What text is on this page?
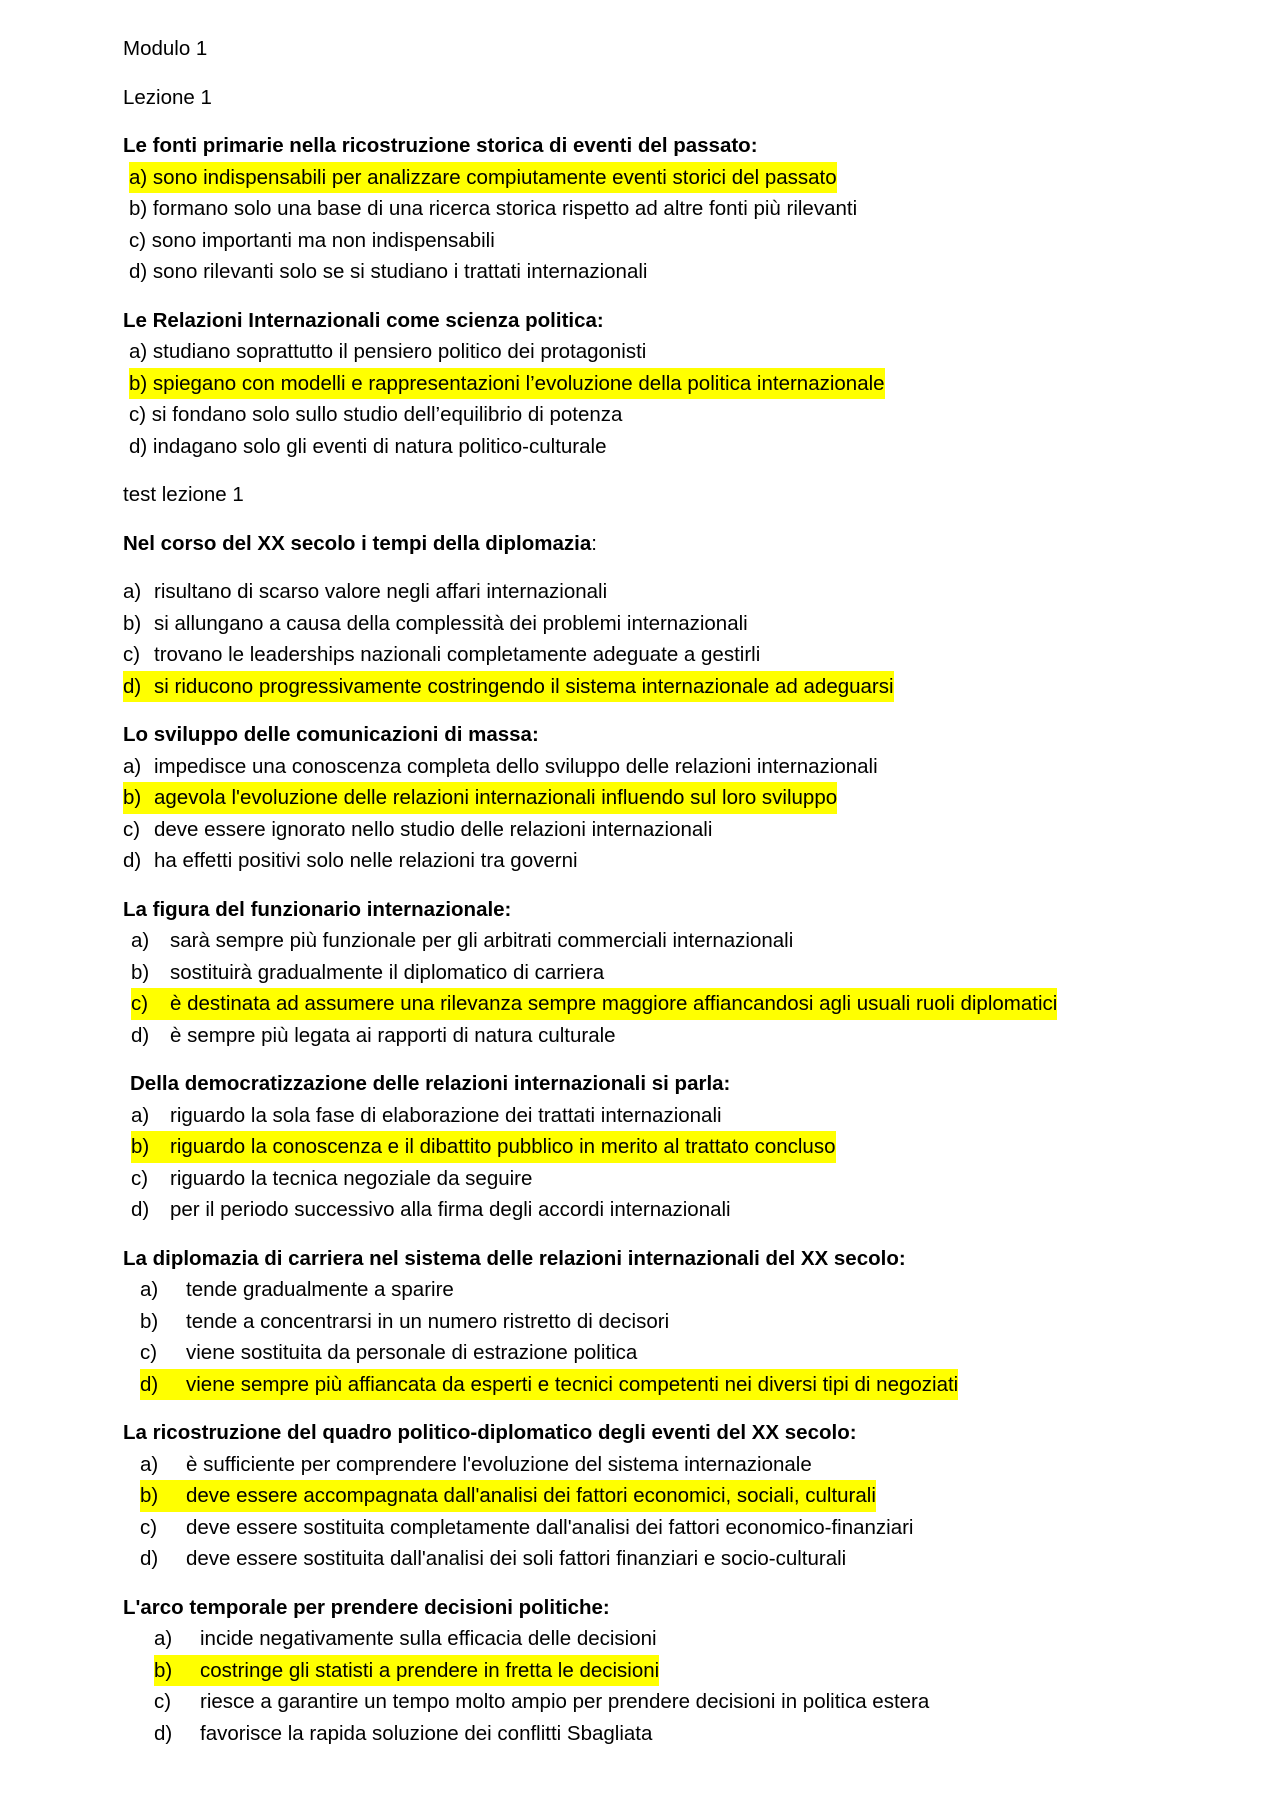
Modulo 1

Lezione 1

Le fonti primarie nella ricostruzione storica di eventi del passato:

a) sono indispensabili per analizzare compiutamente eventi storici del passato
b) formano solo una base di una ricerca storica rispetto ad altre fonti più rilevanti
c) sono importanti ma non indispensabili
d) sono rilevanti solo se si studiano i trattati internazionali

Le Relazioni Internazionali come scienza politica:

a) studiano soprattutto il pensiero politico dei protagonisti
b) spiegano con modelli e rappresentazioni l’evoluzione della politica internazionale
c) si fondano solo sullo studio dell’equilibrio di potenza
d) indagano solo gli eventi di natura politico-culturale

test lezione 1

Nel corso del XX secolo i tempi della diplomazia:

a) risultano di scarso valore negli affari internazionali
b) si allungano a causa della complessità dei problemi internazionali
c) trovano le leaderships nazionali completamente adeguate a gestirli
d) si riducono progressivamente costringendo il sistema internazionale ad adeguarsi

Lo sviluppo delle comunicazioni di massa:

a) impedisce una conoscenza completa dello sviluppo delle relazioni internazionali
b) agevola l'evoluzione delle relazioni internazionali influendo sul loro sviluppo
c) deve essere ignorato nello studio delle relazioni internazionali
d) ha effetti positivi solo nelle relazioni tra governi

La figura del funzionario internazionale:

a) sarà sempre più funzionale per gli arbitrati commerciali internazionali
b) sostituirà gradualmente il diplomatico di carriera
c) è destinata ad assumere una rilevanza sempre maggiore affiancandosi agli usuali ruoli diplomatici
d) è sempre più legata ai rapporti di natura culturale

Della democratizzazione delle relazioni internazionali si parla:

a) riguardo la sola fase di elaborazione dei trattati internazionali
b) riguardo la conoscenza e il dibattito pubblico in merito al trattato concluso
c) riguardo la tecnica negoziale da seguire
d) per il periodo successivo alla firma degli accordi internazionali

La diplomazia di carriera nel sistema delle relazioni internazionali del XX secolo:

a) tende gradualmente a sparire
b) tende a concentrarsi in un numero ristretto di decisori
c) viene sostituita da personale di estrazione politica
d) viene sempre più affiancata da esperti e tecnici competenti nei diversi tipi di negoziati

La ricostruzione del quadro politico-diplomatico degli eventi del XX secolo:

a) è sufficiente per comprendere l'evoluzione del sistema internazionale
b) deve essere accompagnata dall'analisi dei fattori economici, sociali, culturali
c) deve essere sostituita completamente dall'analisi dei fattori economico-finanziari
d) deve essere sostituita dall'analisi dei soli fattori finanziari e socio-culturali

L'arco temporale per prendere decisioni politiche:

a) incide negativamente sulla efficacia delle decisioni
b) costringe gli statisti a prendere in fretta le decisioni
c) riesce a garantire un tempo molto ampio per prendere decisioni in politica estera
d) favorisce la rapida soluzione dei conflitti Sbagliata
